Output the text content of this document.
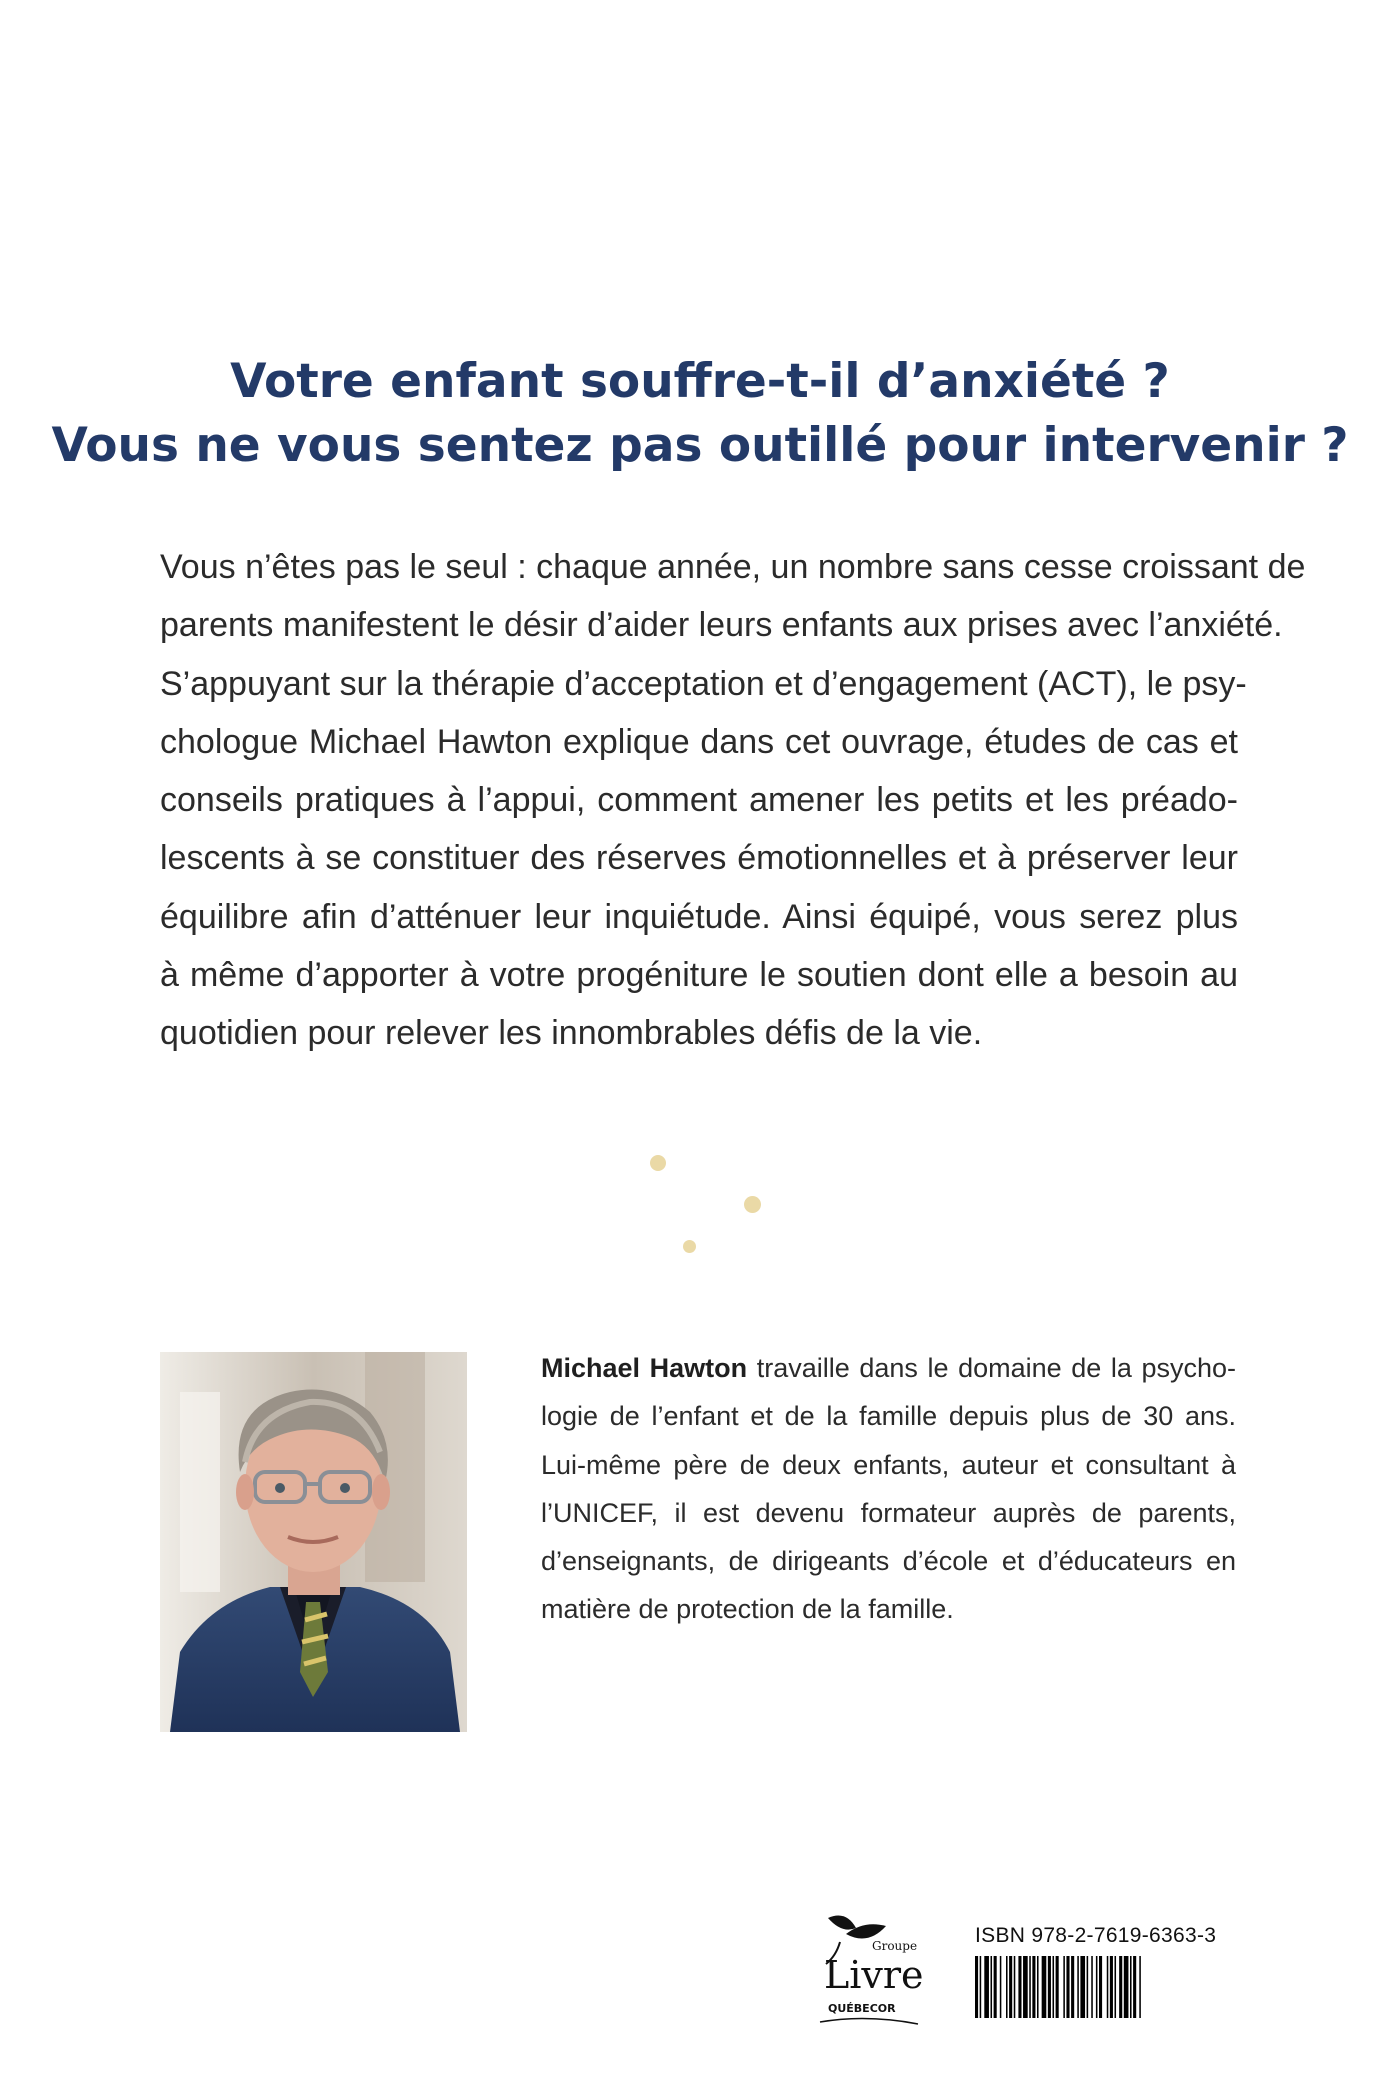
Votre enfant souffre-t-il d’anxiété ?
Vous ne vous sentez pas outillé pour intervenir ?
Vous n’êtes pas le seul : chaque année, un nombre sans cesse croissant de
parents manifestent le désir d’aider leurs enfants aux prises avec l’anxiété.
S’appuyant sur la thérapie d’acceptation et d’engagement (ACT), le psy-
chologue Michael Hawton explique dans cet ouvrage, études de cas et
conseils pratiques à l’appui, comment amener les petits et les préado-
lescents à se constituer des réserves émotionnelles et à préserver leur
équilibre afin d’atténuer leur inquiétude. Ainsi équipé, vous serez plus
à même d’apporter à votre progéniture le soutien dont elle a besoin au
quotidien pour relever les innombrables défis de la vie.
Michael Hawton travaille dans le domaine de la psycho-
logie de l’enfant et de la famille depuis plus de 30 ans.
Lui-même père de deux enfants, auteur et consultant à
l’UNICEF, il est devenu formateur auprès de parents,
d’enseignants, de dirigeants d’école et d’éducateurs en
matière de protection de la famille.
Groupe
Livre
QUÉBECOR
ISBN 978-2-7619-6363-3
